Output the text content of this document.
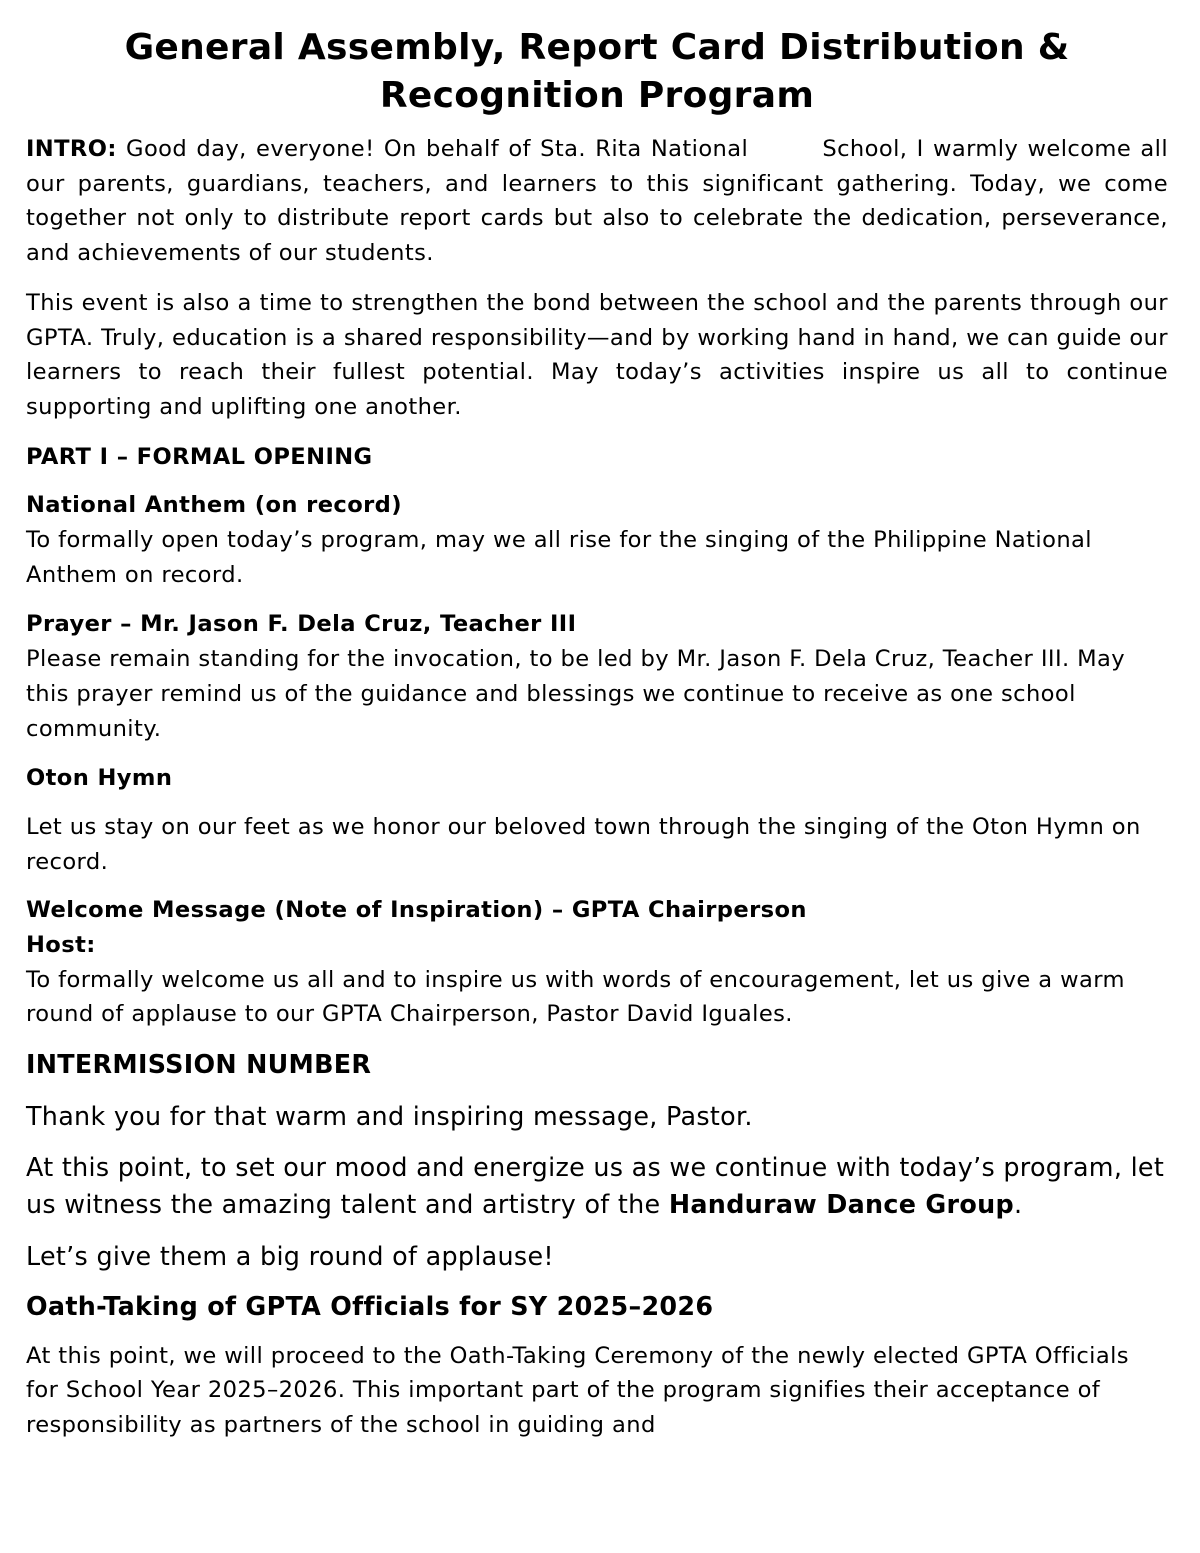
General Assembly, Report Card Distribution & Recognition Program

INTRO: Good day, everyone! On behalf of Sta. Rita National        School, I warmly welcome all our parents, guardians, teachers, and learners to this significant gathering. Today, we come together not only to distribute report cards but also to celebrate the dedication, perseverance, and achievements of our students.

This event is also a time to strengthen the bond between the school and the parents through our GPTA. Truly, education is a shared responsibility—and by working hand in hand, we can guide our learners to reach their fullest potential. May today’s activities inspire us all to continue supporting and uplifting one another.

PART I – FORMAL OPENING

National Anthem (on record)

To formally open today’s program, may we all rise for the singing of the Philippine National Anthem on record.

Prayer – Mr. Jason F. Dela Cruz, Teacher III

Please remain standing for the invocation, to be led by Mr. Jason F. Dela Cruz, Teacher III. May this prayer remind us of the guidance and blessings we continue to receive as one school community.

Oton Hymn

Let us stay on our feet as we honor our beloved town through the singing of the Oton Hymn on record.

Welcome Message (Note of Inspiration) – GPTA Chairperson

Host:

To formally welcome us all and to inspire us with words of encouragement, let us give a warm round of applause to our GPTA Chairperson, Pastor David Iguales.

INTERMISSION NUMBER

Thank you for that warm and inspiring message, Pastor.

At this point, to set our mood and energize us as we continue with today’s program, let us witness the amazing talent and artistry of the Handuraw Dance Group.

Let’s give them a big round of applause!

Oath-Taking of GPTA Officials for SY 2025–2026

At this point, we will proceed to the Oath-Taking Ceremony of the newly elected GPTA Officials for School Year 2025–2026. This important part of the program signifies their acceptance of responsibility as partners of the school in guiding and
